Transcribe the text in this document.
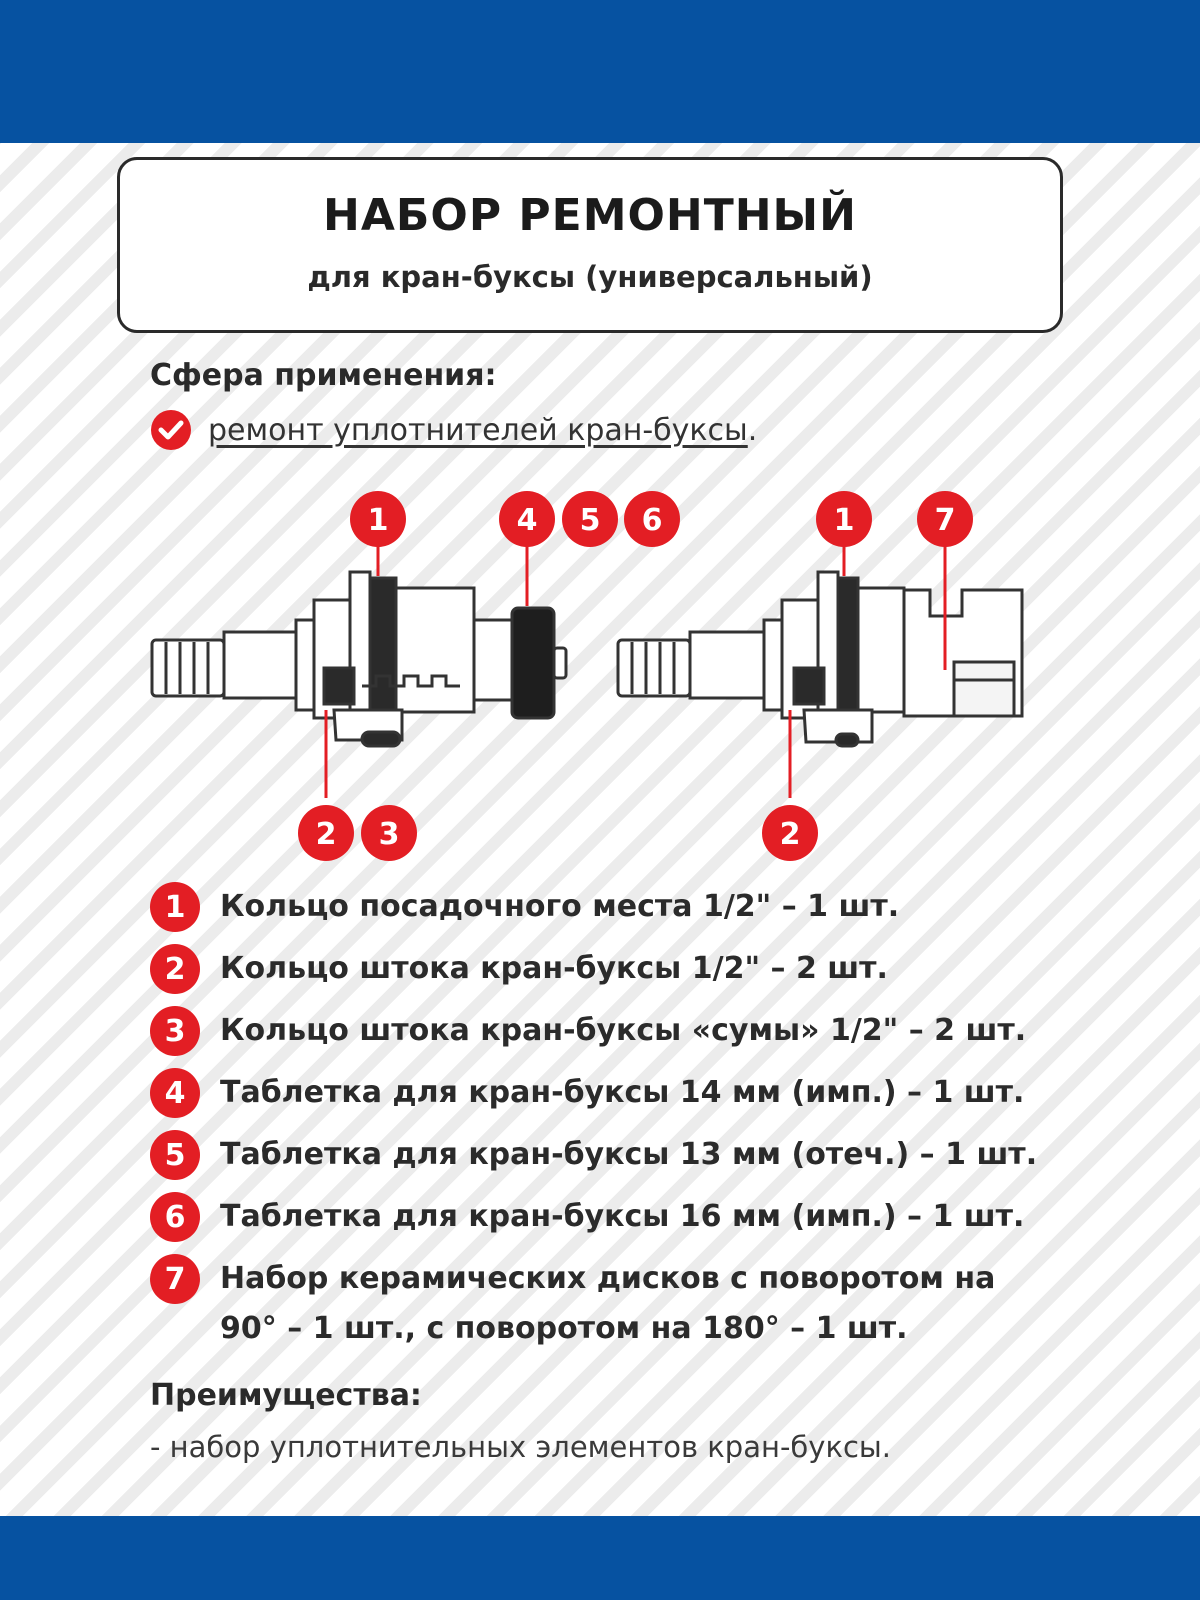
НАБОР РЕМОНТНЫЙ
для кран-буксы (универсальный)
Сфера применения:
ремонт уплотнителей кран-буксы .
1	4 5 6
2 3
1	7
2
1	Кольцо посадочного места 1/2" – 1 шт.
2	Кольцо штока кран-буксы 1/2" – 2 шт.
3	Кольцо штока кран-буксы «сумы» 1/2" – 2 шт.
4	Таблетка для кран-буксы 14 мм (имп.) – 1 шт.
5	Таблетка для кран-буксы 13 мм (отеч.) – 1 шт.
6	Таблетка для кран-буксы 16 мм (имп.) – 1 шт.
7	Набор керамических дисков с поворотом на 90° – 1 шт., с поворотом на 180° – 1 шт.
Преимущества:
- набор уплотнительных элементов кран-буксы.
